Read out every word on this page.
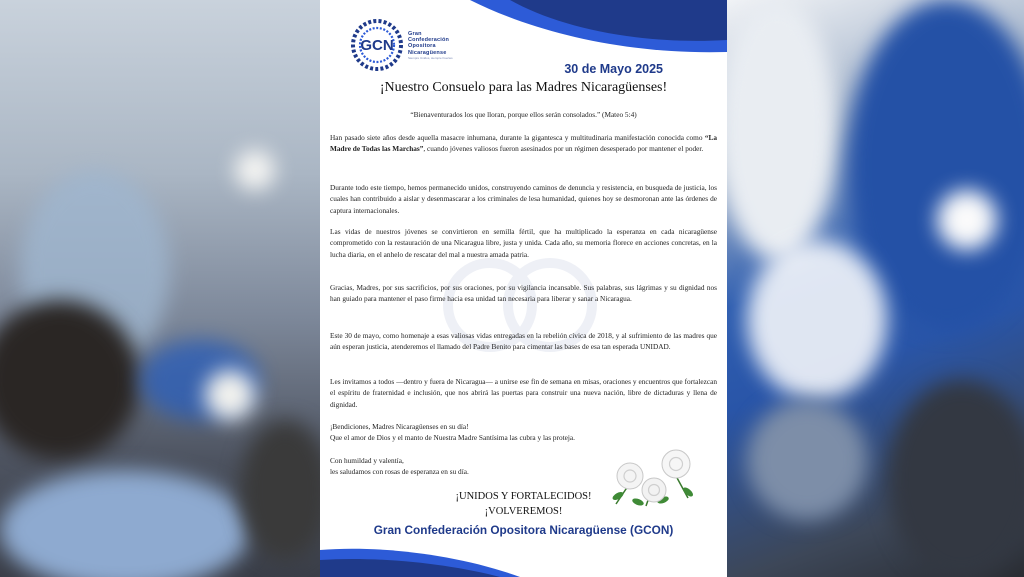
GCN
Gran
Confederación
Opositora
Nicaragüense
Siempre Unidos, siempre Fuertes
30 de Mayo 2025
¡Nuestro Consuelo para las Madres Nicaragüenses!
“Bienaventurados los que lloran, porque ellos serán consolados.” (Mateo 5:4)

Han pasado siete años desde aquella masacre inhumana, durante la gigantesca y multitudinaria manifestación conocida como “La Madre de Todas las Marchas”, cuando jóvenes valiosos fueron asesinados por un régimen desesperado por mantener el poder.

Durante todo este tiempo, hemos permanecido unidos, construyendo caminos de denuncia y resistencia, en busqueda de justicia, los cuales han contribuido a aislar y desenmascarar a los criminales de lesa humanidad, quienes hoy se desmoronan ante las órdenes de captura internacionales.

Las vidas de nuestros jóvenes se convirtieron en semilla fértil, que ha multiplicado la esperanza en cada nicaragüense comprometido con la restauración de una Nicaragua libre, justa y unida. Cada año, su memoria florece en acciones concretas, en la lucha diaria, en el anhelo de rescatar del mal a nuestra amada patria.

Gracias, Madres, por sus sacrificios, por sus oraciones, por su vigilancia incansable. Sus palabras, sus lágrimas y su dignidad nos han guiado para mantener el paso firme hacia esa unidad tan necesaria para liberar y sanar a Nicaragua.

Este 30 de mayo, como homenaje a esas valiosas vidas entregadas en la rebelión cívica de 2018, y al sufrimiento de las madres que aún esperan justicia, atenderemos el llamado del Padre Benito para cimentar las bases de esa tan esperada UNIDAD.

Les invitamos a todos —dentro y fuera de Nicaragua— a unirse ese fin de semana en misas, oraciones y encuentros que fortalezcan el espíritu de fraternidad e inclusión, que nos abrirá las puertas para construir una nueva nación, libre de dictaduras y llena de dignidad.

¡Bendiciones, Madres Nicaragüenses en su día!
Que el amor de Dios y el manto de Nuestra Madre Santísima las cubra y las proteja.
Con humildad y valentía,
les saludamos con rosas de esperanza en su día.
¡UNIDOS Y FORTALECIDOS!
¡VOLVEREMOS!
Gran Confederación Opositora Nicaragüense (GCON)
